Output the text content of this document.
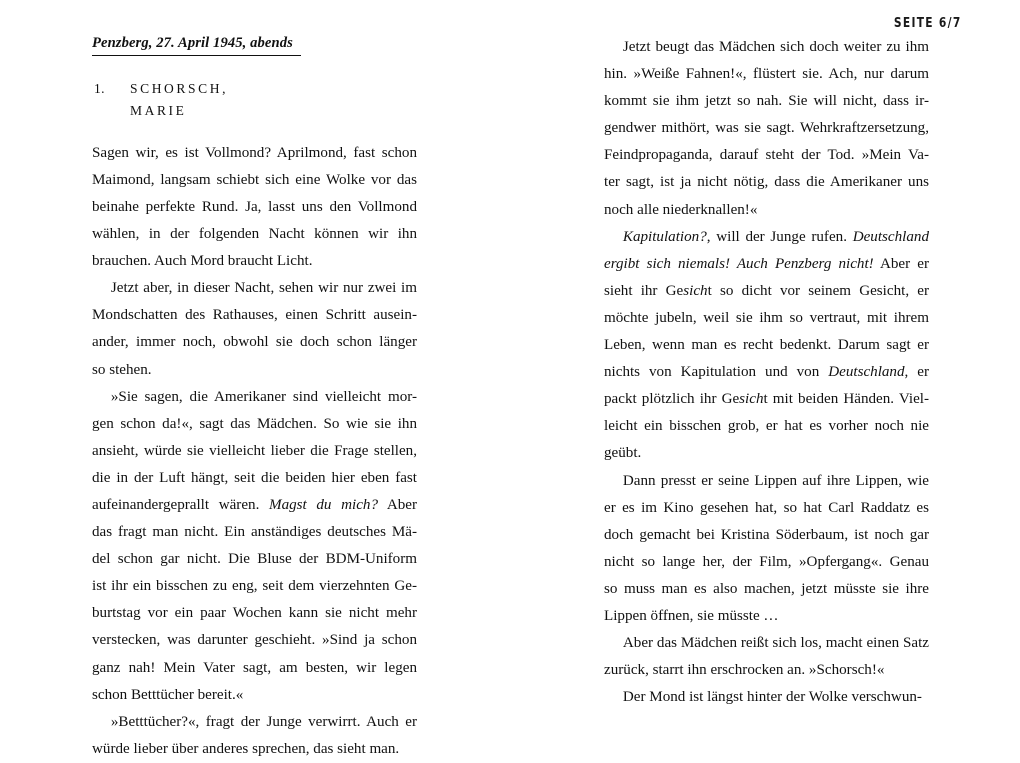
SEITE 6/7
Penzberg, 27. April 1945, abends
1.	SCHORSCH,
MARIE

Sagen wir, es ist Vollmond? Aprilmond, fast schon
Maimond, langsam schiebt sich eine Wolke vor das
beinahe perfekte Rund. Ja, lasst uns den Vollmond
wählen, in der folgenden Nacht können wir ihn
brauchen. Auch Mord braucht Licht.

Jetzt aber, in dieser Nacht, sehen wir nur zwei im
Mondschatten des Rathauses, einen Schritt ausein-
ander, immer noch, obwohl sie doch schon länger
so stehen.

»Sie sagen, die Amerikaner sind vielleicht mor-
gen schon da!«, sagt das Mädchen. So wie sie ihn
ansieht, würde sie vielleicht lieber die Frage stellen,
die in der Luft hängt, seit die beiden hier eben fast
aufeinandergeprallt wären. Magst du mich? Aber
das fragt man nicht. Ein anständiges deutsches Mä-
del schon gar nicht. Die Bluse der BDM-Uniform
ist ihr ein bisschen zu eng, seit dem vierzehnten Ge-
burtstag vor ein paar Wochen kann sie nicht mehr
verstecken, was darunter geschieht. »Sind ja schon
ganz nah! Mein Vater sagt, am besten, wir legen
schon Betttücher bereit.«

»Betttücher?«, fragt der Junge verwirrt. Auch er
würde lieber über anderes sprechen, das sieht man.

Jetzt beugt das Mädchen sich doch weiter zu ihm
hin. »Weiße Fahnen!«, flüstert sie. Ach, nur darum
kommt sie ihm jetzt so nah. Sie will nicht, dass ir-
gendwer mithört, was sie sagt. Wehrkraftzersetzung,
Feindpropaganda, darauf steht der Tod. »Mein Va-
ter sagt, ist ja nicht nötig, dass die Amerikaner uns
noch alle niederknallen!«

Kapitulation?, will der Junge rufen. Deutschland
ergibt sich niemals! Auch Penzberg nicht! Aber er
sieht ihr Gesicht so dicht vor seinem Gesicht, er
möchte jubeln, weil sie ihm so vertraut, mit ihrem
Leben, wenn man es recht bedenkt. Darum sagt er
nichts von Kapitulation und von Deutschland, er
packt plötzlich ihr Gesicht mit beiden Händen. Viel-
leicht ein bisschen grob, er hat es vorher noch nie
geübt.

Dann presst er seine Lippen auf ihre Lippen, wie
er es im Kino gesehen hat, so hat Carl Raddatz es
doch gemacht bei Kristina Söderbaum, ist noch gar
nicht so lange her, der Film, »Opfergang«. Genau
so muss man es also machen, jetzt müsste sie ihre
Lippen öffnen, sie müsste …

Aber das Mädchen reißt sich los, macht einen Satz
zurück, starrt ihn erschrocken an. »Schorsch!«

Der Mond ist längst hinter der Wolke verschwun-
